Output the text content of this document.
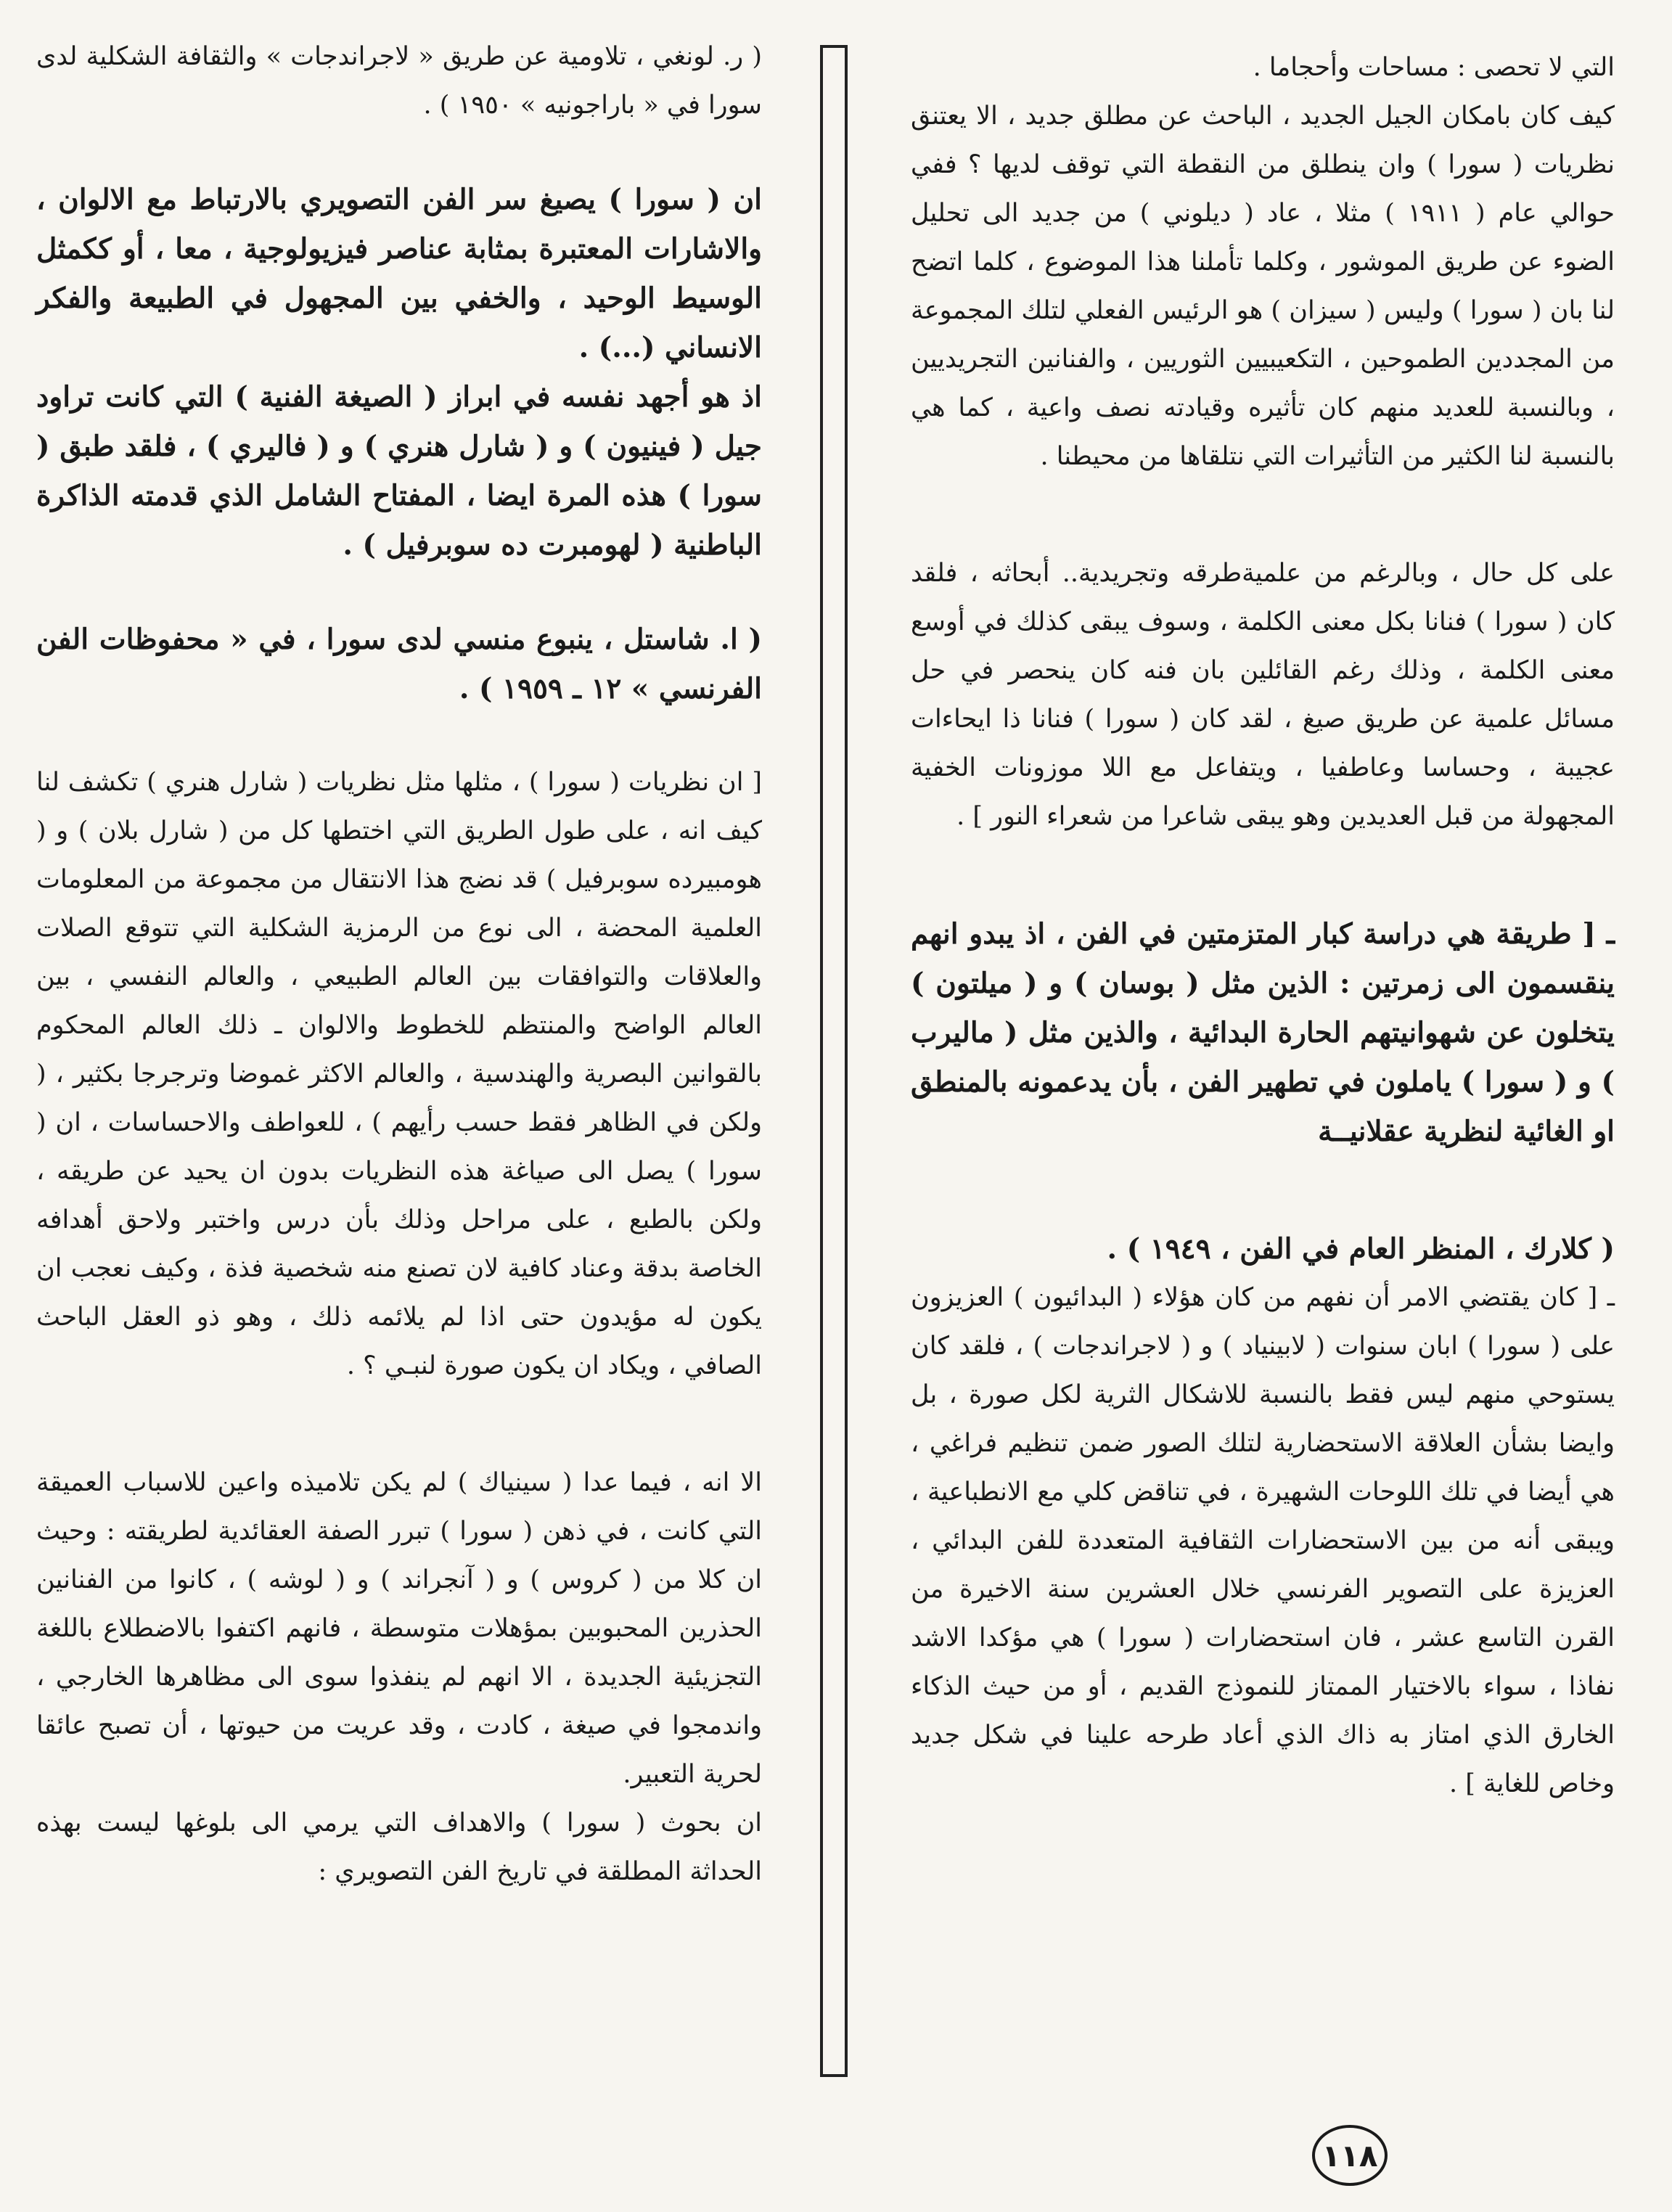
التي لا تحصى : مساحات وأحجاما .

كيف كان بامكان الجيل الجديد ، الباحث عن مطلق جديد ، الا يعتنق نظريات ( سورا ) وان ينطلق من النقطة التي توقف لديها ؟ ففي حوالي عام ( ١٩١١ ) مثلا ، عاد ( ديلوني ) من جديد الى تحليل الضوء عن طريق الموشور ، وكلما تأملنا هذا الموضوع ، كلما اتضح لنا بان ( سورا ) وليس ( سيزان ) هو الرئيس الفعلي لتلك المجموعة من المجددين الطموحين ، التكعيبيين الثوريين ، والفنانين التجريديين ، وبالنسبة للعديد منهم كان تأثيره وقيادته نصف واعية ، كما هي بالنسبة لنا الكثير من التأثيرات التي نتلقاها من محيطنا .

على كل حال ، وبالرغم من علميةطرقه وتجريدية.. أبحاثه ، فلقد كان ( سورا ) فنانا بكل معنى الكلمة ، وسوف يبقى كذلك في أوسع معنى الكلمة ، وذلك رغم القائلين بان فنه كان ينحصر في حل مسائل علمية عن طريق صيغ ، لقد كان ( سورا ) فنانا ذا ايحاءات عجيبة ، وحساسا وعاطفيا ، ويتفاعل مع اللا موزونات الخفية المجهولة من قبل العديدين وهو يبقى شاعرا من شعراء النور ] .

ـ [ طريقة هي دراسة كبار المتزمتين في الفن ، اذ يبدو انهم ينقسمون الى زمرتين : الذين مثل ( بوسان ) و ( ميلتون ) يتخلون عن شهوانيتهم الحارة البدائية ، والذين مثل ( ماليرب ) و ( سورا ) ياملون في تطهير الفن ، بأن يدعمونه بالمنطق او الغائية لنظرية عقلانيــة

( كلارك ، المنظر العام في الفن ، ١٩٤٩ ) .

ـ [ كان يقتضي الامر أن نفهم من كان هؤلاء ( البدائيون ) العزيزون على ( سورا ) ابان سنوات ( لابينياد ) و ( لاجراندجات ) ، فلقد كان يستوحي منهم ليس فقط بالنسبة للاشكال الثرية لكل صورة ، بل وايضا بشأن العلاقة الاستحضارية لتلك الصور ضمن تنظيم فراغي ، هي أيضا في تلك اللوحات الشهيرة ، في تناقض كلي مع الانطباعية ، ويبقى أنه من بين الاستحضارات الثقافية المتعددة للفن البدائي ، العزيزة على التصوير الفرنسي خلال العشرين سنة الاخيرة من القرن التاسع عشر ، فان استحضارات ( سورا ) هي مؤكدا الاشد نفاذا ، سواء بالاختيار الممتاز للنموذج القديم ، أو من حيث الذكاء الخارق الذي امتاز به ذاك الذي أعاد طرحه علينا في شكل جديد وخاص للغاية ] .

( ر. لونغي ، تلاومية عن طريق « لاجراندجات » والثقافة الشكلية لدى سورا في « باراجونيه » ١٩٥٠ ) .

ان ( سورا ) يصيغ سر الفن التصويري بالارتباط مع الالوان ، والاشارات المعتبرة بمثابة عناصر فيزيولوجية ، معا ، أو ككمثل الوسيط الوحيد ، والخفي بين المجهول في الطبيعة والفكر الانساني (...) .

اذ هو أجهد نفسه في ابراز ( الصيغة الفنية ) التي كانت تراود جيل ( فينيون ) و ( شارل هنري ) و ( فاليري ) ، فلقد طبق ( سورا ) هذه المرة ايضا ، المفتاح الشامل الذي قدمته الذاكرة الباطنية ( لهومبرت ده سوبرفيل ) .

( ا. شاستل ، ينبوع منسي لدى سورا ، في « محفوظات الفن الفرنسي » ١٢ ـ ١٩٥٩ ) .

[ ان نظريات ( سورا ) ، مثلها مثل نظريات ( شارل هنري ) تكشف لنا كيف انه ، على طول الطريق التي اختطها كل من ( شارل بلان ) و ( هومبيرده سوبرفيل ) قد نضج هذا الانتقال من مجموعة من المعلومات العلمية المحضة ، الى نوع من الرمزية الشكلية التي تتوقع الصلات والعلاقات والتوافقات بين العالم الطبيعي ، والعالم النفسي ، بين العالم الواضح والمنتظم للخطوط والالوان ـ ذلك العالم المحكوم بالقوانين البصرية والهندسية ، والعالم الاكثر غموضا وترجرجا بكثير ، ( ولكن في الظاهر فقط حسب رأيهم ) ، للعواطف والاحساسات ، ان ( سورا ) يصل الى صياغة هذه النظريات بدون ان يحيد عن طريقه ، ولكن بالطبع ، على مراحل وذلك بأن درس واختبر ولاحق أهدافه الخاصة بدقة وعناد كافية لان تصنع منه شخصية فذة ، وكيف نعجب ان يكون له مؤيدون حتى اذا لم يلائمه ذلك ، وهو ذو العقل الباحث الصافي ، ويكاد ان يكون صورة لنبـي ؟ .

الا انه ، فيما عدا ( سينياك ) لم يكن تلاميذه واعين للاسباب العميقة التي كانت ، في ذهن ( سورا ) تبرر الصفة العقائدية لطريقته : وحيث ان كلا من ( كروس ) و ( آنجراند ) و ( لوشه ) ، كانوا من الفنانين الحذرين المحبوبين بمؤهلات متوسطة ، فانهم اكتفوا بالاضطلاع باللغة التجزيئية الجديدة ، الا انهم لم ينفذوا سوى الى مظاهرها الخارجي ، واندمجوا في صيغة ، كادت ، وقد عريت من حيوتها ، أن تصبح عائقا لحرية التعبير.

ان بحوث ( سورا ) والاهداف التي يرمي الى بلوغها ليست بهذه الحداثة المطلقة في تاريخ الفن التصويري :

١١٨
